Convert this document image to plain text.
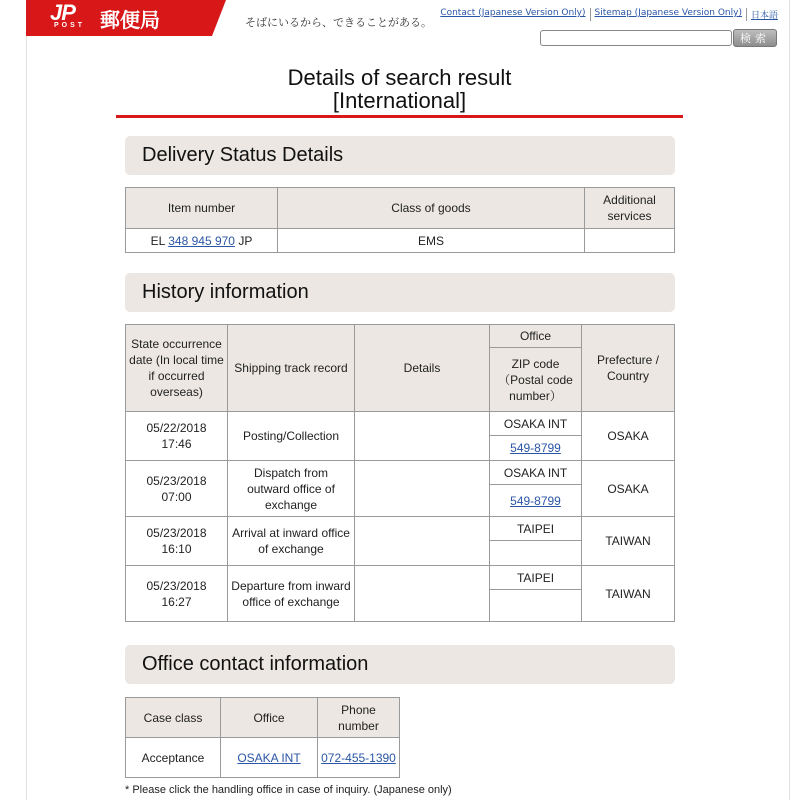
JP
POST 郵便局	そばにいるから、できることがある。
Contact (Japanese Version Only)	Sitemap (Japanese Version Only)	日本語
検索
Details of search result
[International]
Delivery Status Details
Item number	Class of goods	Additional services
EL 348 945 970 JP	EMS	
History information
State occurrence date (In local time if occurred overseas)	Shipping track record	Details	Office	Prefecture / Country
			ZIP code（Postal code number）	
05/22/2018
17:46	Posting/Collection		OSAKA INT	OSAKA
			549-8799	
05/23/2018
07:00	Dispatch from outward office of exchange		OSAKA INT	OSAKA
			549-8799	
05/23/2018
16:10	Arrival at inward office of exchange		TAIPEI	TAIWAN

05/23/2018
16:27	Departure from inward office of exchange		TAIPEI	TAIWAN

Office contact information
Case class	Office	Phone number
Acceptance	OSAKA INT	072-455-1390
* Please click the handling office in case of inquiry. (Japanese only)
